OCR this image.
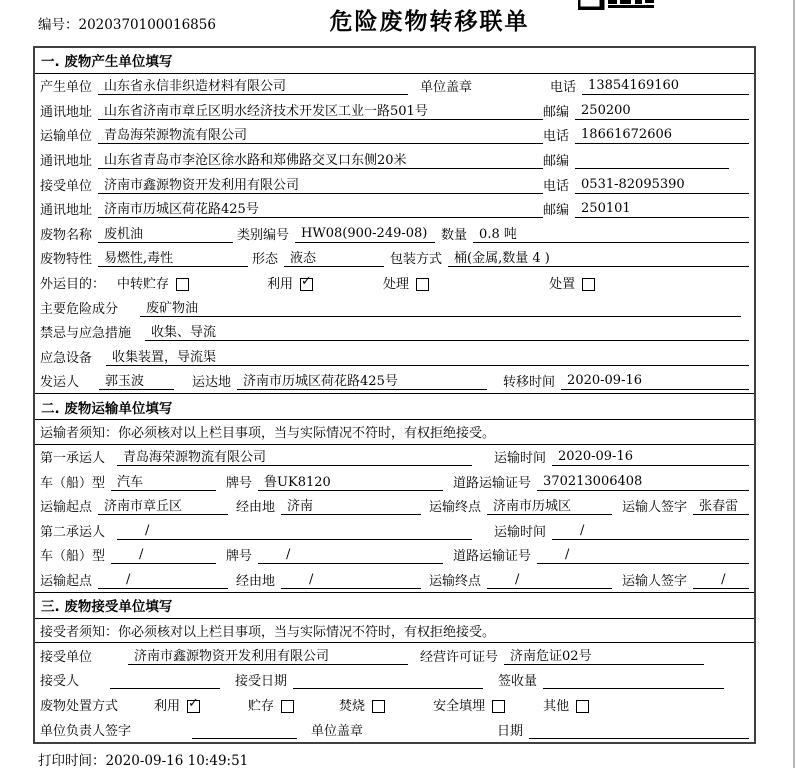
编号：2020370100016856	危险废物转移联单
一. 废物产生单位填写
产生单位 山东省永信非织造材料有限公司	单位盖章	电话 13854169160
通讯地址 山东省济南市章丘区明水经济技术开发区工业一路501号	邮编 250200
运输单位 青岛海荣源物流有限公司	电话 18661672606
通讯地址 山东省青岛市李沧区徐水路和郑佛路交叉口东侧20米	邮编
接受单位 济南市鑫源物资开发利用有限公司	电话 0531-82095390
通讯地址 济南市历城区荷花路425号	邮编 250101
废物名称 废机油	类别编号 HW08(900-249-08)	数量 0.8 吨
废物特性 易燃性,毒性	形态 液态	包装方式 桶(金属,数量 4 )
外运目的： 中转贮存	利用 ✓	处理	处置
主要危险成分	废矿物油
禁忌与应急措施	收集、导流
应急设备	收集装置，导流渠
发运人	郭玉波	运达地 济南市历城区荷花路425号	转移时间 2020-09-16
二. 废物运输单位填写
运输者须知：你必须核对以上栏目事项，当与实际情况不符时，有权拒绝接受。
第一承运人	青岛海荣源物流有限公司	运输时间 2020-09-16
车（船）型 汽车	牌号 鲁UK8120	道路运输证号 370213006408
运输起点 济南市章丘区	经由地 济南	运输终点 济南市历城区	运输人签字 张春雷
第二承运人	/	运输时间	/
车（船）型	/	牌号	/	道路运输证号	/
运输起点	/	经由地	/	运输终点	/	运输人签字	/
三. 废物接受单位填写
接受者须知：你必须核对以上栏目事项，当与实际情况不符时，有权拒绝接受。
接受单位	济南市鑫源物资开发利用有限公司	经营许可证号 济南危证02号
接受人	接受日期	签收量
废物处置方式	利用 ✓	贮存	焚烧	安全填埋	其他
单位负责人签字	单位盖章	日期
打印时间：2020-09-16 10:49:51
